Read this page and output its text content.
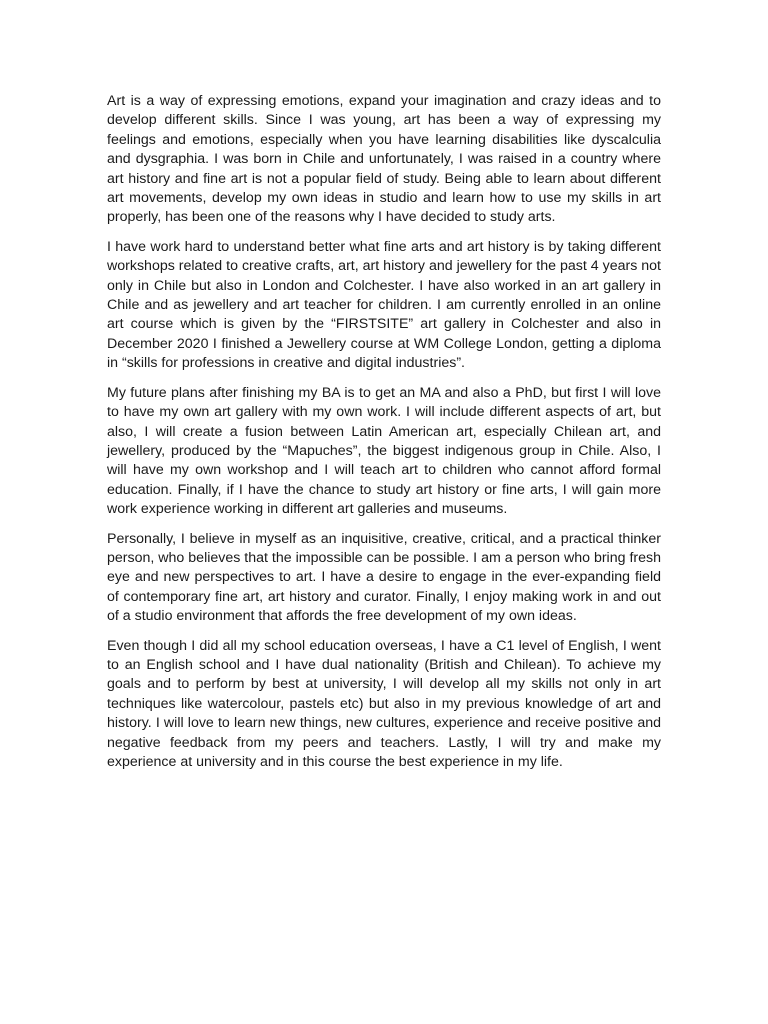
Art is a way of expressing emotions, expand your imagination and crazy ideas and to develop different skills. Since I was young, art has been a way of expressing my feelings and emotions, especially when you have learning disabilities like dyscalculia and dysgraphia. I was born in Chile and unfortunately, I was raised in a country where art history and fine art is not a popular field of study. Being able to learn about different art movements, develop my own ideas in studio and learn how to use my skills in art properly, has been one of the reasons why I have decided to study arts.

I have work hard to understand better what fine arts and art history is by taking different workshops related to creative crafts, art, art history and jewellery for the past 4 years not only in Chile but also in London and Colchester. I have also worked in an art gallery in Chile and as jewellery and art teacher for children. I am currently enrolled in an online art course which is given by the “FIRSTSITE” art gallery in Colchester and also in December 2020 I finished a Jewellery course at WM College London, getting a diploma in “skills for professions in creative and digital industries”.

My future plans after finishing my BA is to get an MA and also a PhD, but first I will love to have my own art gallery with my own work. I will include different aspects of art, but also, I will create a fusion between Latin American art, especially Chilean art, and jewellery, produced by the “Mapuches”, the biggest indigenous group in Chile. Also, I will have my own workshop and I will teach art to children who cannot afford formal education. Finally, if I have the chance to study art history or fine arts, I will gain more work experience working in different art galleries and museums.

Personally, I believe in myself as an inquisitive, creative, critical, and a practical thinker person, who believes that the impossible can be possible. I am a person who bring fresh eye and new perspectives to art. I have a desire to engage in the ever-expanding field of contemporary fine art, art history and curator. Finally, I enjoy making work in and out of a studio environment that affords the free development of my own ideas.

Even though I did all my school education overseas, I have a C1 level of English, I went to an English school and I have dual nationality (British and Chilean). To achieve my goals and to perform by best at university, I will develop all my skills not only in art techniques like watercolour, pastels etc) but also in my previous knowledge of art and history. I will love to learn new things, new cultures, experience and receive positive and negative feedback from my peers and teachers. Lastly, I will try and make my experience at university and in this course the best experience in my life.
